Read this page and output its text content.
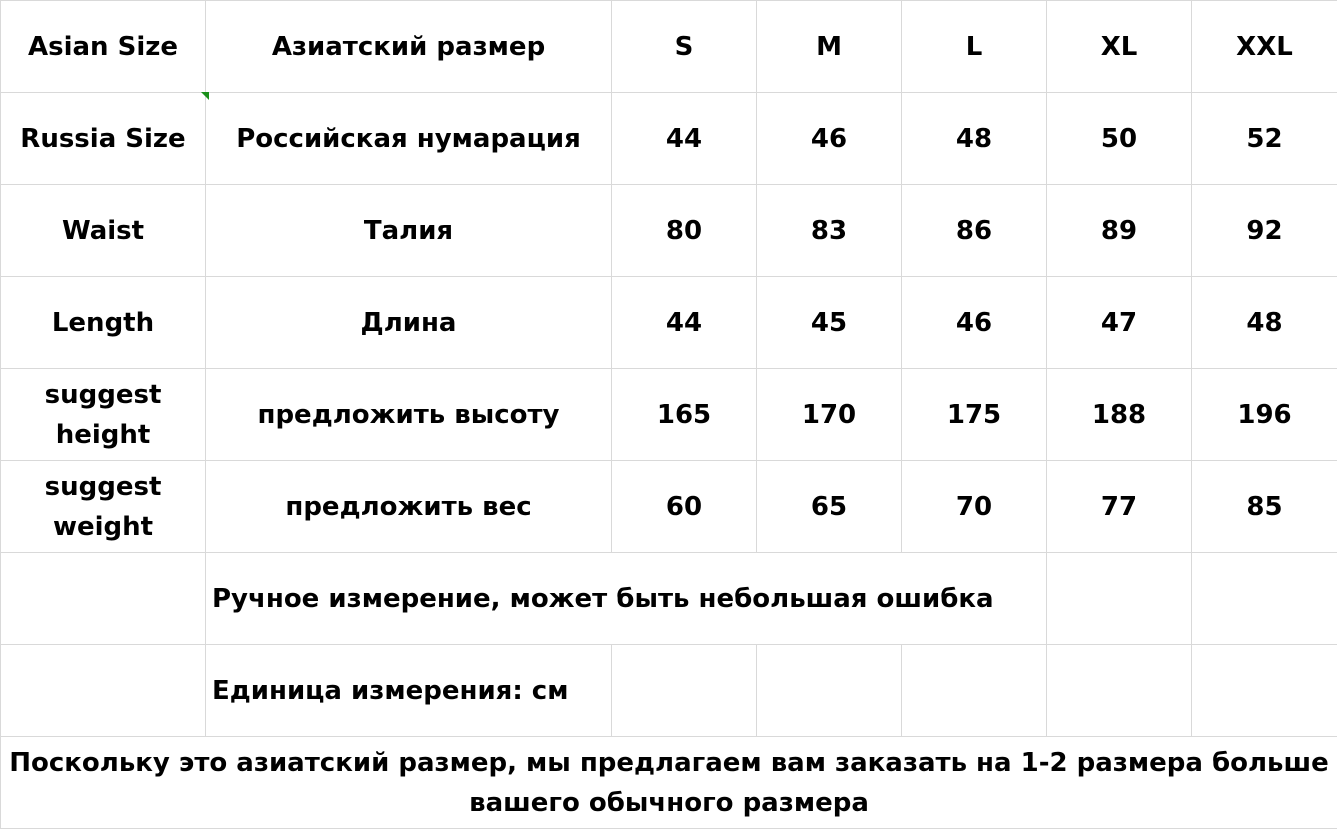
Asian Size	Азиатский размер	S	M	L	XL	XXL
Russia Size	Российская нумарация	44	46	48	50	52
Waist	Талия	80	83	86	89	92
Length	Длина	44	45	46	47	48
suggest height	предложить высоту	165	170	175	188	196
suggest weight	предложить вес	60	65	70	77	85
	Ручное измерение, может быть небольшая ошибка					
	Единица измерения: см					
Поскольку это азиатский размер, мы предлагаем вам заказать на 1-2 размера больше вашего обычного размера						
